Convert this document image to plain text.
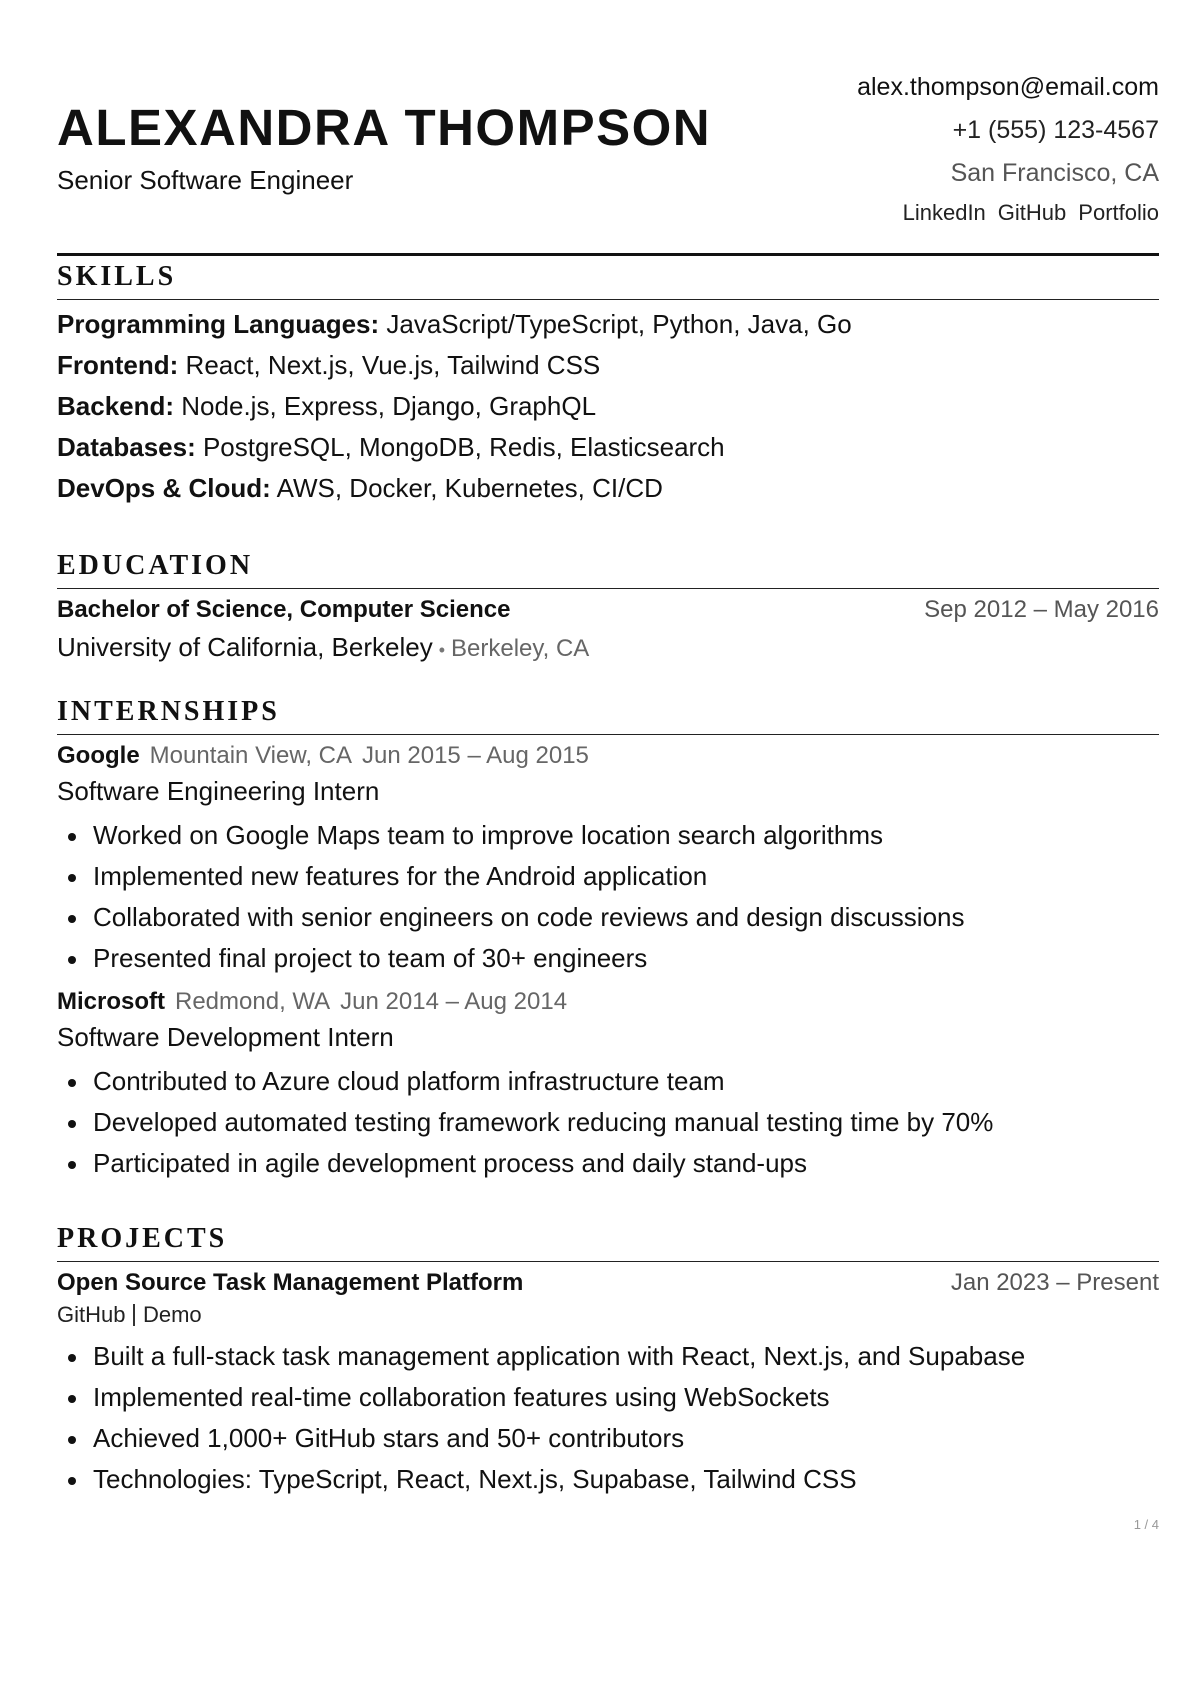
ALEXANDRA THOMPSON
Senior Software Engineer
alex.thompson@email.com
+1 (555) 123-4567
San Francisco, CA
LinkedIn GitHub Portfolio
SKILLS
Programming Languages: JavaScript/TypeScript, Python, Java, Go
Frontend: React, Next.js, Vue.js, Tailwind CSS
Backend: Node.js, Express, Django, GraphQL
Databases: PostgreSQL, MongoDB, Redis, Elasticsearch
DevOps & Cloud: AWS, Docker, Kubernetes, CI/CD
EDUCATION
Bachelor of Science, Computer Science	Sep 2012 – May 2016
University of California, Berkeley • Berkeley, CA
INTERNSHIPS
Google Mountain View, CA Jun 2015 – Aug 2015
Software Engineering Intern
Worked on Google Maps team to improve location search algorithms
Implemented new features for the Android application
Collaborated with senior engineers on code reviews and design discussions
Presented final project to team of 30+ engineers
Microsoft Redmond, WA Jun 2014 – Aug 2014
Software Development Intern
Contributed to Azure cloud platform infrastructure team
Developed automated testing framework reducing manual testing time by 70%
Participated in agile development process and daily stand-ups
PROJECTS
Open Source Task Management Platform	Jan 2023 – Present
GitHub Demo
Built a full-stack task management application with React, Next.js, and Supabase
Implemented real-time collaboration features using WebSockets
Achieved 1,000+ GitHub stars and 50+ contributors
Technologies: TypeScript, React, Next.js, Supabase, Tailwind CSS
1 / 4
